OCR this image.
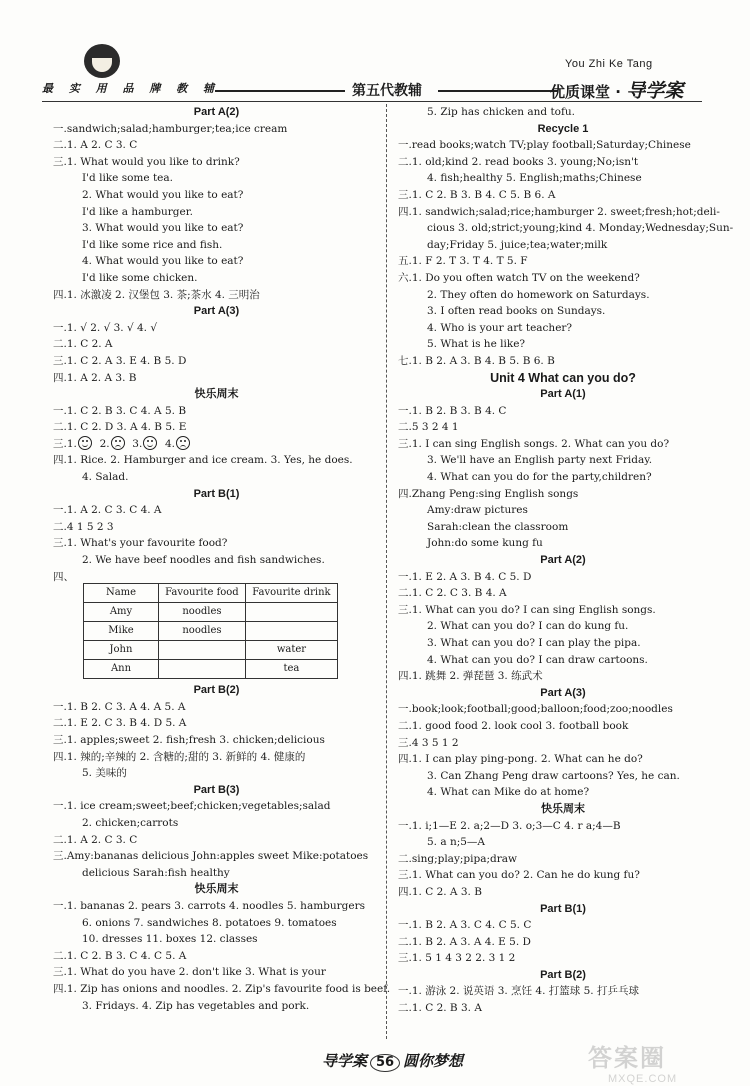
最 实 用 品 牌 教 辅	第五代教辅
You Zhi Ke Tang
优质课堂 · 导学案
Part A(2)
一.sandwich;salad;hamburger;tea;ice cream
二.1. A 2. C 3. C
三.1. What would you like to drink?
I'd like some tea.
2. What would you like to eat?
I'd like a hamburger.
3. What would you like to eat?
I'd like some rice and fish.
4. What would you like to eat?
I'd like some chicken.
四.1. 冰激凌 2. 汉堡包 3. 茶;茶水 4. 三明治
Part A(3)
一.1. √ 2. √ 3. √ 4. √
二.1. C 2. A
三.1. C 2. A 3. E 4. B 5. D
四.1. A 2. A 3. B
快乐周末
一.1. C 2. B 3. C 4. A 5. B
二.1. C 2. D 3. A 4. B 5. E
三.1. 2. 3. 4.
四.1. Rice. 2. Hamburger and ice cream. 3. Yes, he does.
4. Salad.
Part B(1)
一.1. A 2. C 3. C 4. A
二.4 1 5 2 3
三.1. What's your favourite food?
2. We have beef noodles and fish sandwiches.
四、
Name	Favourite food	Favourite drink
Amy	noodles	
Mike	noodles	
John		water
Ann		tea
Part B(2)
一.1. B 2. C 3. A 4. A 5. A
二.1. E 2. C 3. B 4. D 5. A
三.1. apples;sweet 2. fish;fresh 3. chicken;delicious
四.1. 辣的;辛辣的 2. 含糖的;甜的 3. 新鲜的 4. 健康的
5. 美味的
Part B(3)
一.1. ice cream;sweet;beef;chicken;vegetables;salad
2. chicken;carrots
二.1. A 2. C 3. C
三.Amy:bananas delicious John:apples sweet Mike:potatoes
delicious Sarah:fish healthy
快乐周末
一.1. bananas 2. pears 3. carrots 4. noodles 5. hamburgers
6. onions 7. sandwiches 8. potatoes 9. tomatoes
10. dresses 11. boxes 12. classes
二.1. C 2. B 3. C 4. C 5. A
三.1. What do you have 2. don't like 3. What is your
四.1. Zip has onions and noodles. 2. Zip's favourite food is beef.
3. Fridays. 4. Zip has vegetables and pork.
5. Zip has chicken and tofu.
Recycle 1
一.read books;watch TV;play football;Saturday;Chinese
二.1. old;kind 2. read books 3. young;No;isn't
4. fish;healthy 5. English;maths;Chinese
三.1. C 2. B 3. B 4. C 5. B 6. A
四.1. sandwich;salad;rice;hamburger 2. sweet;fresh;hot;deli-
cious 3. old;strict;young;kind 4. Monday;Wednesday;Sun-
day;Friday 5. juice;tea;water;milk
五.1. F 2. T 3. T 4. T 5. F
六.1. Do you often watch TV on the weekend?
2. They often do homework on Saturdays.
3. I often read books on Sundays.
4. Who is your art teacher?
5. What is he like?
七.1. B 2. A 3. B 4. B 5. B 6. B
Unit 4 What can you do?
Part A(1)
一.1. B 2. B 3. B 4. C
二.5 3 2 4 1
三.1. I can sing English songs. 2. What can you do?
3. We'll have an English party next Friday.
4. What can you do for the party,children?
四.Zhang Peng:sing English songs
Amy:draw pictures
Sarah:clean the classroom
John:do some kung fu
Part A(2)
一.1. E 2. A 3. B 4. C 5. D
二.1. C 2. C 3. B 4. A
三.1. What can you do? I can sing English songs.
2. What can you do? I can do kung fu.
3. What can you do? I can play the pipa.
4. What can you do? I can draw cartoons.
四.1. 跳舞 2. 弹琵琶 3. 练武术
Part A(3)
一.book;look;football;good;balloon;food;zoo;noodles
二.1. good food 2. look cool 3. football book
三.4 3 5 1 2
四.1. I can play ping-pong. 2. What can he do?
3. Can Zhang Peng draw cartoons? Yes, he can.
4. What can Mike do at home?
快乐周末
一.1. i;1—E 2. a;2—D 3. o;3—C 4. r a;4—B
5. a n;5—A
二.sing;play;pipa;draw
三.1. What can you do? 2. Can he do kung fu?
四.1. C 2. A 3. B
Part B(1)
一.1. B 2. A 3. C 4. C 5. C
二.1. B 2. A 3. A 4. E 5. D
三.1. 5 1 4 3 2 2. 3 1 2
Part B(2)
一.1. 游泳 2. 说英语 3. 烹饪 4. 打篮球 5. 打乒乓球
二.1. C 2. B 3. A
导学案 56 圆你梦想	答案圈
MXQE.COM
